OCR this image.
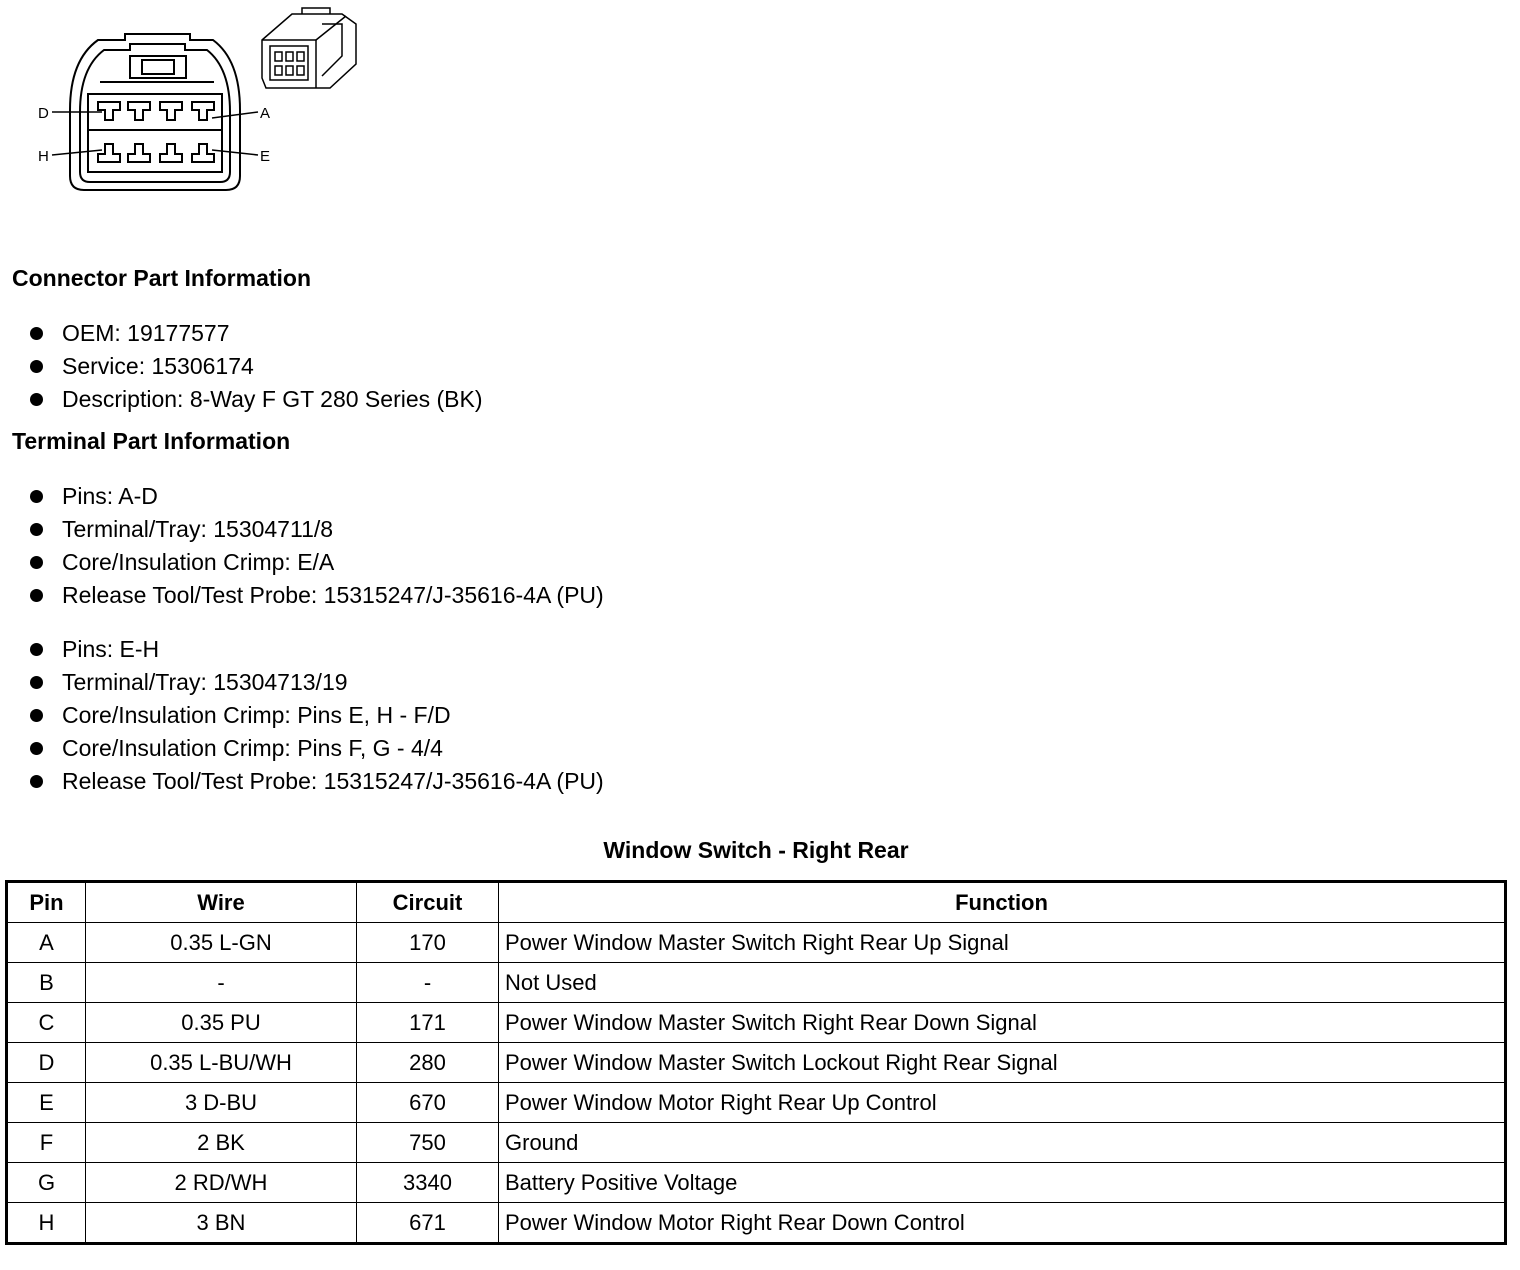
D	A
H	E
Connector Part Information
OEM: 19177577
Service: 15306174
Description: 8-Way F GT 280 Series (BK)
Terminal Part Information
Pins: A-D
Terminal/Tray: 15304711/8
Core/Insulation Crimp: E/A
Release Tool/Test Probe: 15315247/J-35616-4A (PU)
Pins: E-H
Terminal/Tray: 15304713/19
Core/Insulation Crimp: Pins E, H - F/D
Core/Insulation Crimp: Pins F, G - 4/4
Release Tool/Test Probe: 15315247/J-35616-4A (PU)
Window Switch - Right Rear
Pin	Wire	Circuit	Function
A	0.35 L-GN	170	Power Window Master Switch Right Rear Up Signal
B	-	-	Not Used
C	0.35 PU	171	Power Window Master Switch Right Rear Down Signal
D	0.35 L-BU/WH	280	Power Window Master Switch Lockout Right Rear Signal
E	3 D-BU	670	Power Window Motor Right Rear Up Control
F	2 BK	750	Ground
G	2 RD/WH	3340	Battery Positive Voltage
H	3 BN	671	Power Window Motor Right Rear Down Control
